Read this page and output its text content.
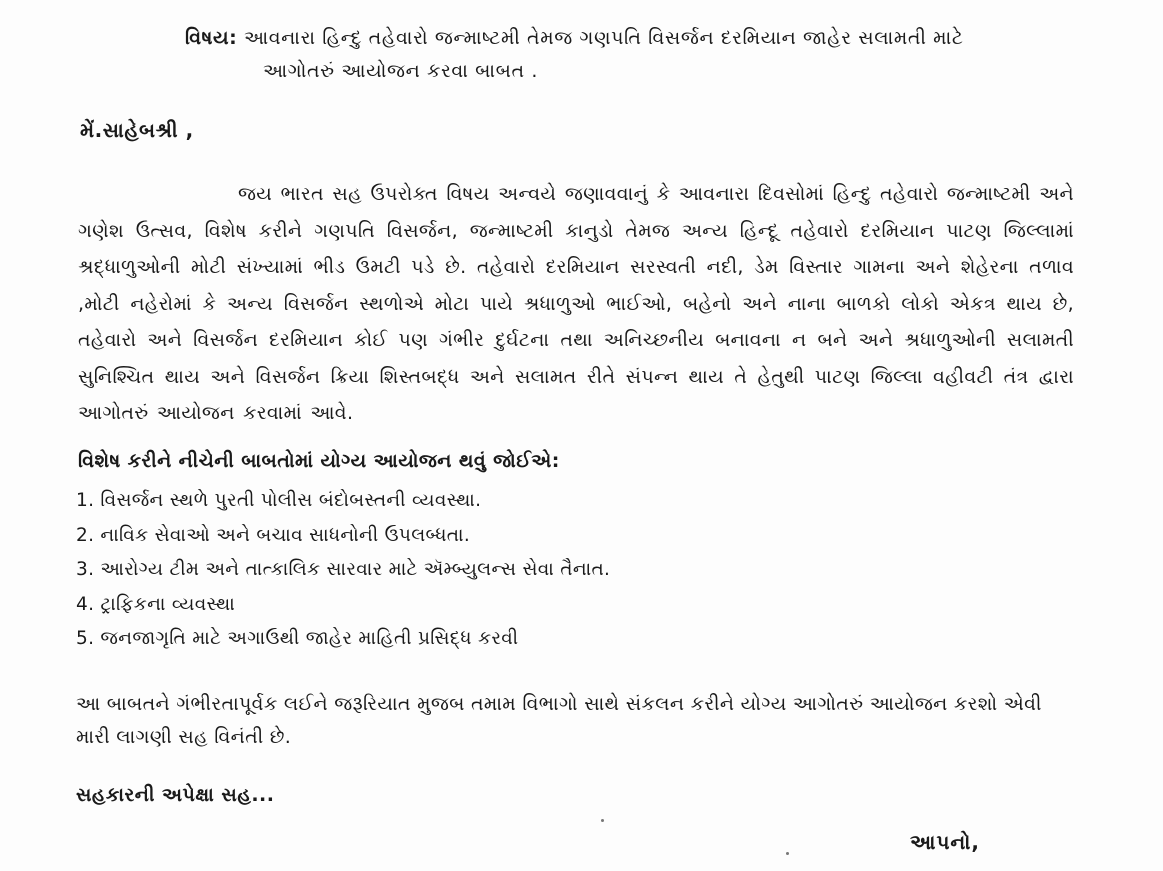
વિષય: આવનારા હિન્દુ તહેવારો જન્માષ્ટમી તેમજ ગણપતિ વિસર્જન દરમિયાન જાહેર સલામતી માટે
આગોતરું આયોજન કરવા બાબત .
મેં.સાહેબશ્રી ,
જય ભારત સહ ઉપરોક્ત વિષય અન્વયે જણાવવાનું કે આવનારા દિવસોમાં હિન્દુ તહેવારો જન્માષ્ટમી અને ગણેશ ઉત્સવ, વિશેષ કરીને ગણપતિ વિસર્જન, જન્માષ્ટમી કાનુડો તેમજ અન્ય હિન્દૂ તહેવારો દરમિયાન પાટણ જિલ્લામાં શ્રદ્ધાળુઓની મોટી સંખ્યામાં ભીડ ઉમટી પડે છે. તહેવારો દરમિયાન સરસ્વતી નદી, ડેમ વિસ્તાર ગામના અને શેહેરના તળાવ ,મોટી નહેરોમાં કે અન્ય વિસર્જન સ્થળોએ મોટા પાયે શ્રધાળુઓ ભાઈઓ, બહેનો અને નાના બાળકો લોકો એકત્ર થાય છે, તહેવારો અને વિસર્જન દરમિયાન કોઈ પણ ગંભીર દુર્ઘટના તથા અનિચ્છનીય બનાવના ન બને અને શ્રધાળુઓની સલામતી સુનિશ્ચિત થાય અને વિસર્જન ક્રિયા શિસ્તબદ્ધ અને સલામત રીતે સંપન્ન થાય તે હેતુથી પાટણ જિલ્લા વહીવટી તંત્ર દ્વારા આગોતરું આયોજન કરવામાં આવે.
વિશેષ કરીને નીચેની બાબતોમાં યોગ્ય આયોજન થવું જોઈએ:
1. વિસર્જન સ્થળે પુરતી પોલીસ બંદોબસ્તની વ્યવસ્થા.
2. નાવિક સેવાઓ અને બચાવ સાધનોની ઉપલબ્ધતા.
3. આરોગ્ય ટીમ અને તાત્કાલિક સારવાર માટે ઍમ્બ્યુલન્સ સેવા તૈનાત.
4. ટ્રાફિકના વ્યવસ્થા
5. જનજાગૃતિ માટે અગાઉથી જાહેર માહિતી પ્રસિદ્ધ કરવી
આ બાબતને ગંભીરતાપૂર્વક લઈને જરૂરિયાત મુજબ તમામ વિભાગો સાથે સંકલન કરીને યોગ્ય આગોતરું આયોજન કરશો એવી મારી લાગણી સહ વિનંતી છે.
સહકારની અપેક્ષા સહ...
આપનો,
